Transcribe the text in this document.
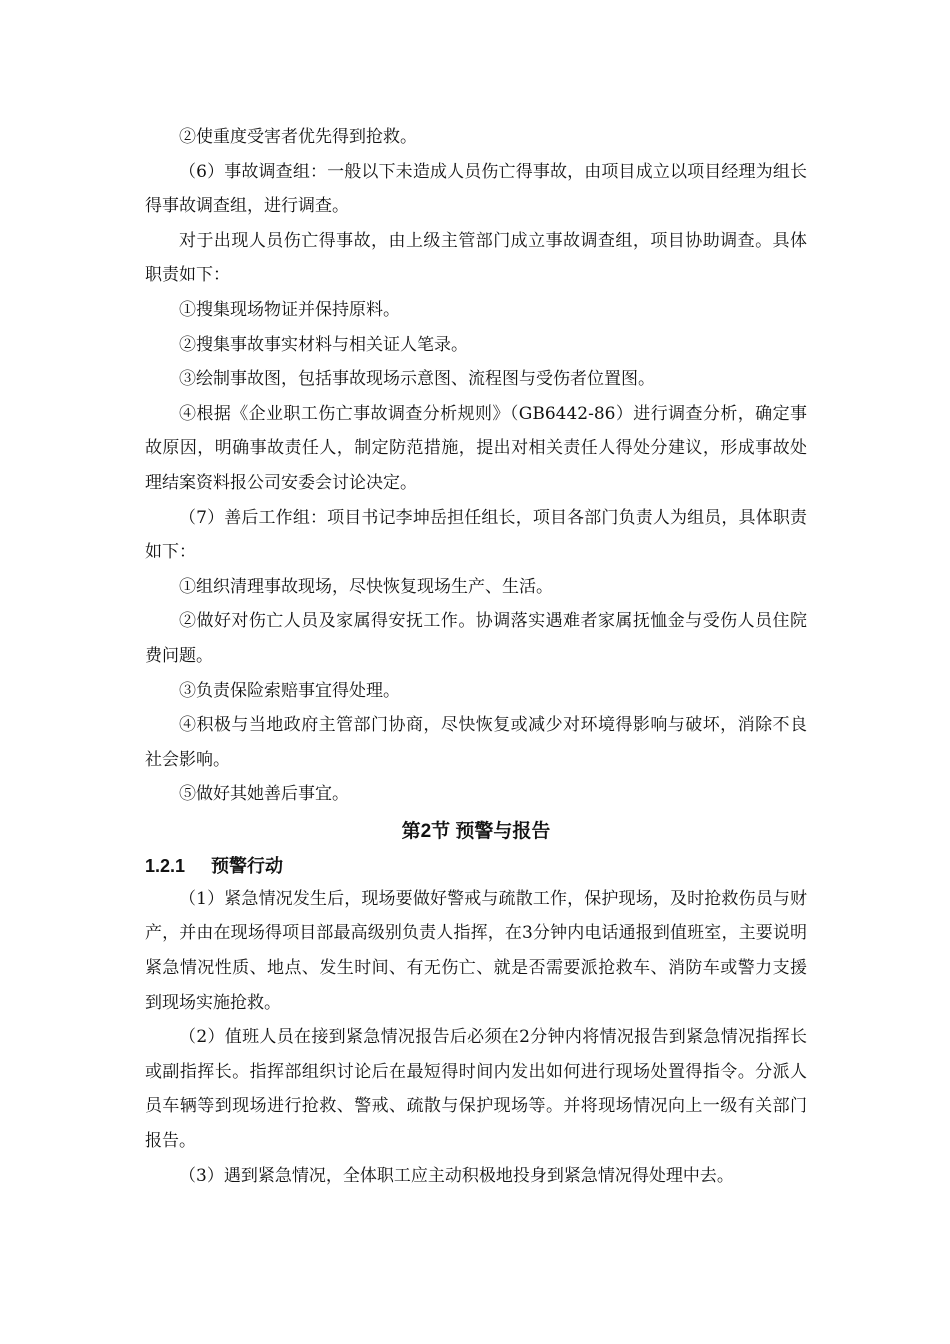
②使重度受害者优先得到抢救。

（6）事故调查组：一般以下未造成人员伤亡得事故，由项目成立以项目经理为组长得事故调查组，进行调查。

对于出现人员伤亡得事故，由上级主管部门成立事故调查组，项目协助调查。具体职责如下：

①搜集现场物证并保持原料。

②搜集事故事实材料与相关证人笔录。

③绘制事故图，包括事故现场示意图、流程图与受伤者位置图。

④根据《企业职工伤亡事故调查分析规则》（GB6442-86）进行调查分析，确定事故原因，明确事故责任人，制定防范措施，提出对相关责任人得处分建议，形成事故处理结案资料报公司安委会讨论决定。

（7）善后工作组：项目书记李坤岳担任组长，项目各部门负责人为组员，具体职责如下：

①组织清理事故现场，尽快恢复现场生产、生活。

②做好对伤亡人员及家属得安抚工作。协调落实遇难者家属抚恤金与受伤人员住院费问题。

③负责保险索赔事宜得处理。

④积极与当地政府主管部门协商，尽快恢复或减少对环境得影响与破坏，消除不良社会影响。

⑤做好其她善后事宜。

第2节 预警与报告
1.2.1 预警行动

（1）紧急情况发生后，现场要做好警戒与疏散工作，保护现场，及时抢救伤员与财产，并由在现场得项目部最高级别负责人指挥，在3分钟内电话通报到值班室，主要说明紧急情况性质、地点、发生时间、有无伤亡、就是否需要派抢救车、消防车或警力支援到现场实施抢救。

（2）值班人员在接到紧急情况报告后必须在2分钟内将情况报告到紧急情况指挥长或副指挥长。指挥部组织讨论后在最短得时间内发出如何进行现场处置得指令。分派人员车辆等到现场进行抢救、警戒、疏散与保护现场等。并将现场情况向上一级有关部门报告。

（3）遇到紧急情况，全体职工应主动积极地投身到紧急情况得处理中去。
